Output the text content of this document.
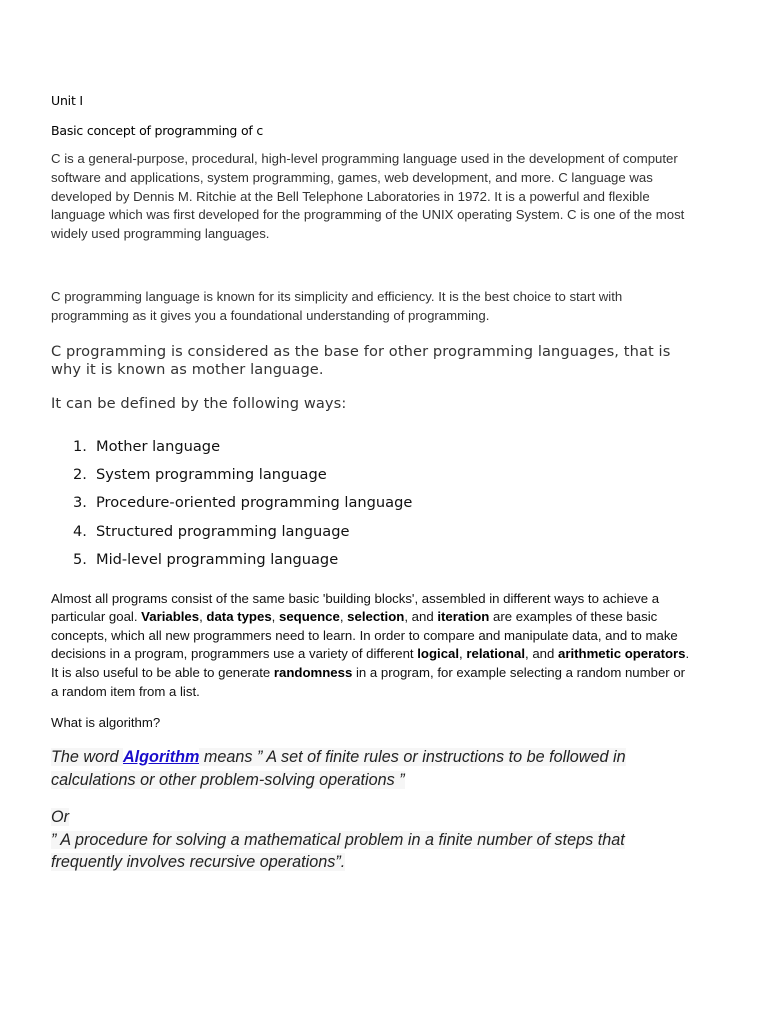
Unit I
Basic concept of programming of c

C is a general-purpose, procedural, high-level programming language used in the development of computer software and applications, system programming, games, web development, and more. C language was developed by Dennis M. Ritchie at the Bell Telephone Laboratories in 1972. It is a powerful and flexible language which was first developed for the programming of the UNIX operating System. C is one of the most widely used programming languages.

C programming language is known for its simplicity and efficiency. It is the best choice to start with programming as it gives you a foundational understanding of programming.

C programming is considered as the base for other programming languages, that is why it is known as mother language.

It can be defined by the following ways:

1. Mother language
2. System programming language
3. Procedure-oriented programming language
4. Structured programming language
5. Mid-level programming language

Almost all programs consist of the same basic 'building blocks', assembled in different ways to achieve a particular goal. Variables, data types, sequence, selection, and iteration are examples of these basic concepts, which all new programmers need to learn. In order to compare and manipulate data, and to make decisions in a program, programmers use a variety of different logical, relational, and arithmetic operators. It is also useful to be able to generate randomness in a program, for example selecting a random number or a random item from a list.

What is algorithm?

The word Algorithm means ” A set of finite rules or instructions to be followed in calculations or other problem-solving operations ”

Or
” A procedure for solving a mathematical problem in a finite number of steps that frequently involves recursive operations”.
